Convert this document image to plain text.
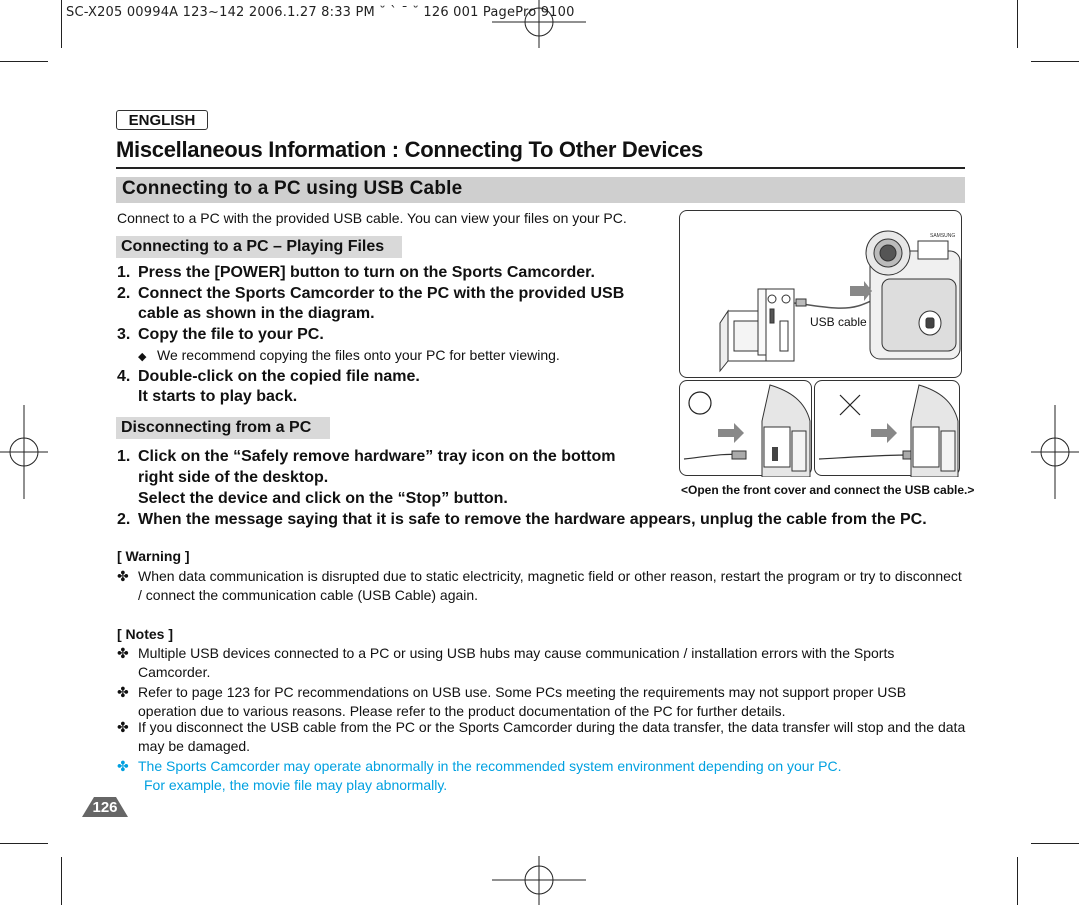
SC-X205 00994A 123~142 2006.1.27 8:33 PM ˘ ` ¯ ˘ 126 001 PagePro 9100
ENGLISH
Miscellaneous Information : Connecting To Other Devices
Connecting to a PC using USB Cable
Connect to a PC with the provided USB cable. You can view your files on your PC.
Connecting to a PC – Playing Files
1. Press the [POWER] button to turn on the Sports Camcorder.
2. Connect the Sports Camcorder to the PC with the provided USB
cable as shown in the diagram.
3. Copy the file to your PC.
◆ We recommend copying the files onto your PC for better viewing.
4. Double-click on the copied file name.
It starts to play back.
Disconnecting from a PC
1. Click on the “Safely remove hardware” tray icon on the bottom
right side of the desktop.
Select the device and click on the “Stop” button.
2. When the message saying that it is safe to remove the hardware appears, unplug the cable from the PC.
SAMSUNG
USB cable
<Open the front cover and connect the USB cable.>
[ Warning ]
✤ When data communication is disrupted due to static electricity, magnetic field or other reason, restart the program or try to disconnect / connect the communication cable (USB Cable) again.
[ Notes ]
✤ Multiple USB devices connected to a PC or using USB hubs may cause communication / installation errors with the Sports Camcorder.
✤ Refer to page 123 for PC recommendations on USB use. Some PCs meeting the requirements may not support proper USB operation due to various reasons. Please refer to the product documentation of the PC for further details.
✤ If you disconnect the USB cable from the PC or the Sports Camcorder during the data transfer, the data transfer will stop and the data may be damaged.
✤ The Sports Camcorder may operate abnormally in the recommended system environment depending on your PC.
For example, the movie file may play abnormally.
126
